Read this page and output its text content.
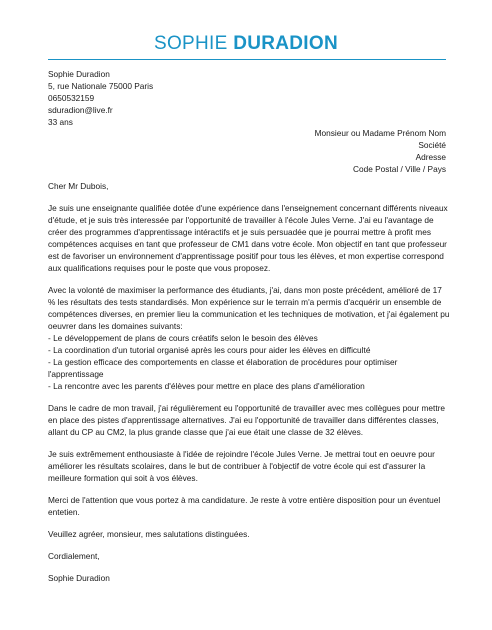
SOPHIE DURADION
Sophie Duradion
5, rue Nationale 75000 Paris
0650532159
sduradion@live.fr
33 ans
Monsieur ou Madame Prénom Nom
Société
Adresse
Code Postal / Ville / Pays

Cher Mr Dubois,

Je suis une enseignante qualifiée dotée d'une expérience dans l'enseignement concernant différents niveaux d'étude, et je suis très interessée par l'opportunité de travailler à l'école Jules Verne. J'ai eu l'avantage de créer des programmes d'apprentissage intéractifs et je suis persuadée que je pourrai mettre à profit mes compétences acquises en tant que professeur de CM1 dans votre école. Mon objectif en tant que professeur est de favoriser un environnement d'apprentissage positif pour tous les élèves, et mon expertise correspond aux qualifications requises pour le poste que vous proposez.

Avec la volonté de maximiser la performance des étudiants, j'ai, dans mon poste précédent, amélioré de 17 % les résultats des tests standardisés. Mon expérience sur le terrain m'a permis d'acquérir un ensemble de compétences diverses, en premier lieu la communication et les techniques de motivation, et j'ai également pu oeuvrer dans les domaines suivants:
- Le développement de plans de cours créatifs selon le besoin des élèves
- La coordination d'un tutorial organisé après les cours pour aider les élèves en difficulté
- La gestion efficace des comportements en classe et élaboration de procédures pour optimiser l'apprentissage
- La rencontre avec les parents d'élèves pour mettre en place des plans d'amélioration

Dans le cadre de mon travail, j'ai régulièrement eu l'opportunité de travailler avec mes collègues pour mettre en place des pistes d'apprentissage alternatives. J'ai eu l'opportunité de travailler dans différentes classes, allant du CP au CM2, la plus grande classe que j'ai eue était une classe de 32 élèves.

Je suis extrêmement enthousiaste à l'idée de rejoindre l'école Jules Verne. Je mettrai tout en oeuvre pour améliorer les résultats scolaires, dans le but de contribuer à l'objectif de votre école qui est d'assurer la meilleure formation qui soit à vos élèves.

Merci de l'attention que vous portez à ma candidature. Je reste à votre entière disposition pour un éventuel entetien.

Veuillez agréer, monsieur, mes salutations distinguées.

Cordialement,

Sophie Duradion
